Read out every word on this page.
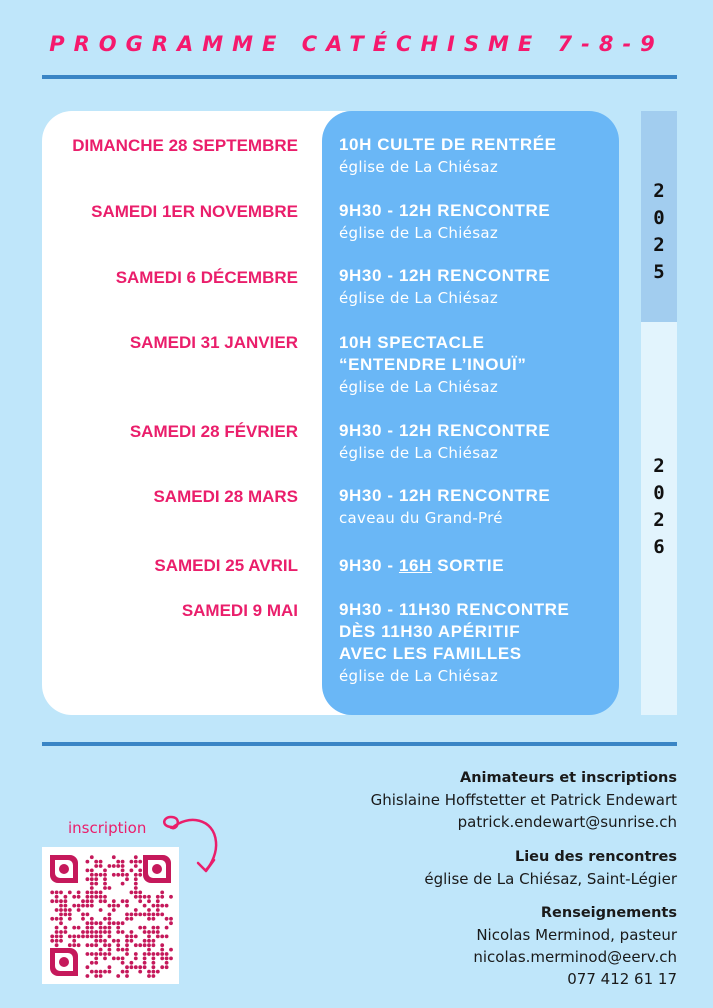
PROGRAMME CATÉCHISME 7-8-9
2
0
2
5
2
0
2
6
DIMANCHE 28 SEPTEMBRE 10H CULTE DE RENTRÉE
église de La Chiésaz
SAMEDI 1ER NOVEMBRE 9H30 - 12H RENCONTRE
église de La Chiésaz
SAMEDI 6 DÉCEMBRE 9H30 - 12H RENCONTRE
église de La Chiésaz
SAMEDI 31 JANVIER 10H SPECTACLE
“ENTENDRE L’INOUÏ”
église de La Chiésaz
SAMEDI 28 FÉVRIER 9H30 - 12H RENCONTRE
église de La Chiésaz
SAMEDI 28 MARS 9H30 - 12H RENCONTRE
caveau du Grand-Pré
SAMEDI 25 AVRIL 9H30 - 16H SORTIE
SAMEDI 9 MAI 9H30 - 11H30 RENCONTRE
DÈS 11H30 APÉRITIF
AVEC LES FAMILLES
église de La Chiésaz
Animateurs et inscriptions
Ghislaine Hoffstetter et Patrick Endewart
patrick.endewart@sunrise.ch
Lieu des rencontres
église de La Chiésaz, Saint-Légier
Renseignements
Nicolas Merminod, pasteur
nicolas.merminod@eerv.ch
077 412 61 17
inscription
